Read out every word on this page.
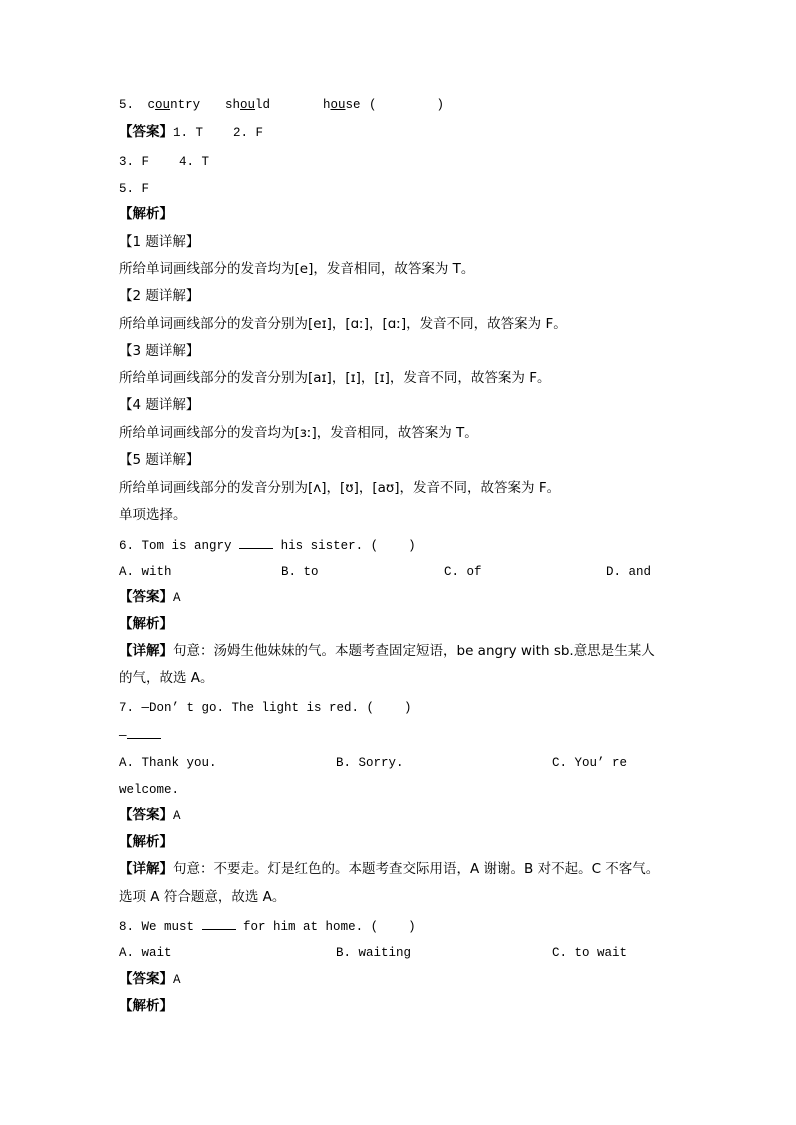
5. country should	house (        )
【答案】1. T    2. F
3. F    4. T
5. F
【解析】
【1 题详解】
所给单词画线部分的发音均为[e]，发音相同，故答案为 T。
【2 题详解】
所给单词画线部分的发音分别为[eɪ]，[ɑː]，[ɑː]，发音不同，故答案为 F。
【3 题详解】
所给单词画线部分的发音分别为[aɪ]，[ɪ]，[ɪ]，发音不同，故答案为 F。
【4 题详解】
所给单词画线部分的发音均为[ɜː]，发音相同，故答案为 T。
【5 题详解】
所给单词画线部分的发音分别为[ʌ]，[ʊ]，[aʊ]，发音不同，故答案为 F。
单项选择。
6. Tom is angry	his sister. (    )
A. with	B. to	C. of	D. and
【答案】A
【解析】
【详解】句意：汤姆生他妹妹的气。本题考查固定短语，be angry with sb.意思是生某人
的气，故选 A。
7. —Don’ t go. The light is red. (    )
—
A. Thank you.	B. Sorry.	C. You’ re
welcome.
【答案】A
【解析】
【详解】句意：不要走。灯是红色的。本题考查交际用语，A 谢谢。B 对不起。C 不客气。
选项 A 符合题意，故选 A。
8. We must	for him at home. (    )
A. wait	B. waiting	C. to wait
【答案】A
【解析】
